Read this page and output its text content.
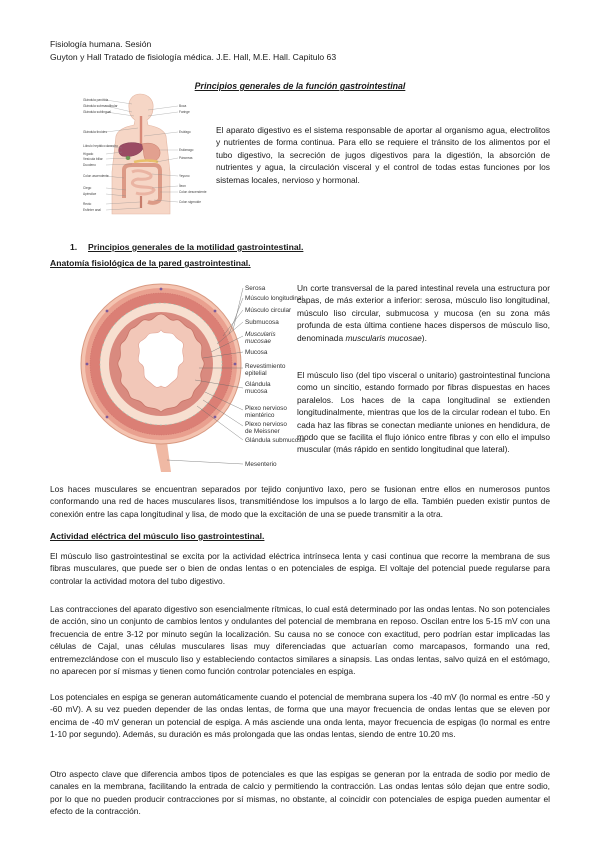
Fisiología humana. Sesión

Guyton y Hall Tratado de fisiología médica. J.E. Hall, M.E. Hall. Capitulo 63

Principios generales de la función gastrointestinal

Glándula parótida
Glándula submandibular
Glándula sublingual
Glándula tiroides
Lóbulo hepático derecho
Hígado
Vesícula biliar
Duodeno
Colon ascendente
Ciego
Apéndice
Recto
Esfínter anal
Boca
Faringe
Esófago
Estómago
Páncreas
Yeyuno
Íleon
Colon descendente
Colon sigmoide

El aparato digestivo es el sistema responsable de aportar al organismo agua, electrolitos y nutrientes de forma continua. Para ello se requiere el tránsito de los alimentos por el tubo digestivo, la secreción de jugos digestivos para la digestión, la absorción de nutrientes y agua, la circulación visceral y el control de todas estas funciones por los sistemas locales, nervioso y hormonal.

1. Principios generales de la motilidad gastrointestinal.

Anatomía fisiológica de la pared gastrointestinal.

Serosa
Músculo longitudinal
Músculo circular
Submucosa
Muscularis
mucosae
Mucosa
Revestimiento
epitelial
Glándula
mucosa
Plexo nervioso
mientérico
Plexo nervioso
de Meissner
Glándula submucosa
Mesenterio

Un corte transversal de la pared intestinal revela una estructura por capas, de más exterior a inferior: serosa, músculo liso longitudinal, músculo liso circular, submucosa y mucosa (en su zona más profunda de esta última contiene haces dispersos de músculo liso, denominada muscularis mucosae).

El músculo liso (del tipo visceral o unitario) gastrointestinal funciona como un sincitio, estando formado por fibras dispuestas en haces paralelos. Los haces de la capa longitudinal se extienden longitudinalmente, mientras que los de la circular rodean el tubo. En cada haz las fibras se conectan mediante uniones en hendidura, de modo que se facilita el flujo iónico entre fibras y con ello el impulso muscular (más rápido en sentido longitudinal que lateral).

Los haces musculares se encuentran separados por tejido conjuntivo laxo, pero se fusionan entre ellos en numerosos puntos conformando una red de haces musculares lisos, transmitiéndose los impulsos a lo largo de ella. También pueden existir puntos de conexión entre las capa longitudinal y lisa, de modo que la excitación de una se puede transmitir a la otra.

Actividad eléctrica del músculo liso gastrointestinal.

El músculo liso gastrointestinal se excita por la actividad eléctrica intrínseca lenta y casi continua que recorre la membrana de sus fibras musculares, que puede ser o bien de ondas lentas o en potenciales de espiga. El voltaje del potencial puede regularse para controlar la actividad motora del tubo digestivo.

Las contracciones del aparato digestivo son esencialmente rítmicas, lo cual está determinado por las ondas lentas. No son potenciales de acción, sino un conjunto de cambios lentos y ondulantes del potencial de membrana en reposo. Oscilan entre los 5-15 mV con una frecuencia de entre 3-12 por minuto según la localización. Su causa no se conoce con exactitud, pero podrían estar implicadas las células de Cajal, unas células musculares lisas muy diferenciadas que actuarían como marcapasos, formando una red, entremezclándose con el musculo liso y estableciendo contactos similares a sinapsis. Las ondas lentas, salvo quizá en el estómago, no aparecen por sí mismas y tienen como función controlar potenciales en espiga.

Los potenciales en espiga se generan automáticamente cuando el potencial de membrana supera los -40 mV (lo normal es entre -50 y -60 mV). A su vez pueden depender de las ondas lentas, de forma que una mayor frecuencia de ondas lentas que se eleven por encima de -40 mV generan un potencial de espiga. A más asciende una onda lenta, mayor frecuencia de espigas (lo normal es entre 1-10 por segundo). Además, su duración es más prolongada que las ondas lentas, siendo de entre 10.20 ms.

Otro aspecto clave que diferencia ambos tipos de potenciales es que las espigas se generan por la entrada de sodio por medio de canales en la membrana, facilitando la entrada de calcio y permitiendo la contracción. Las ondas lentas sólo dejan que entre sodio, por lo que no pueden producir contracciones por sí mismas, no obstante, al coincidir con potenciales de espiga pueden aumentar el efecto de la contracción.
